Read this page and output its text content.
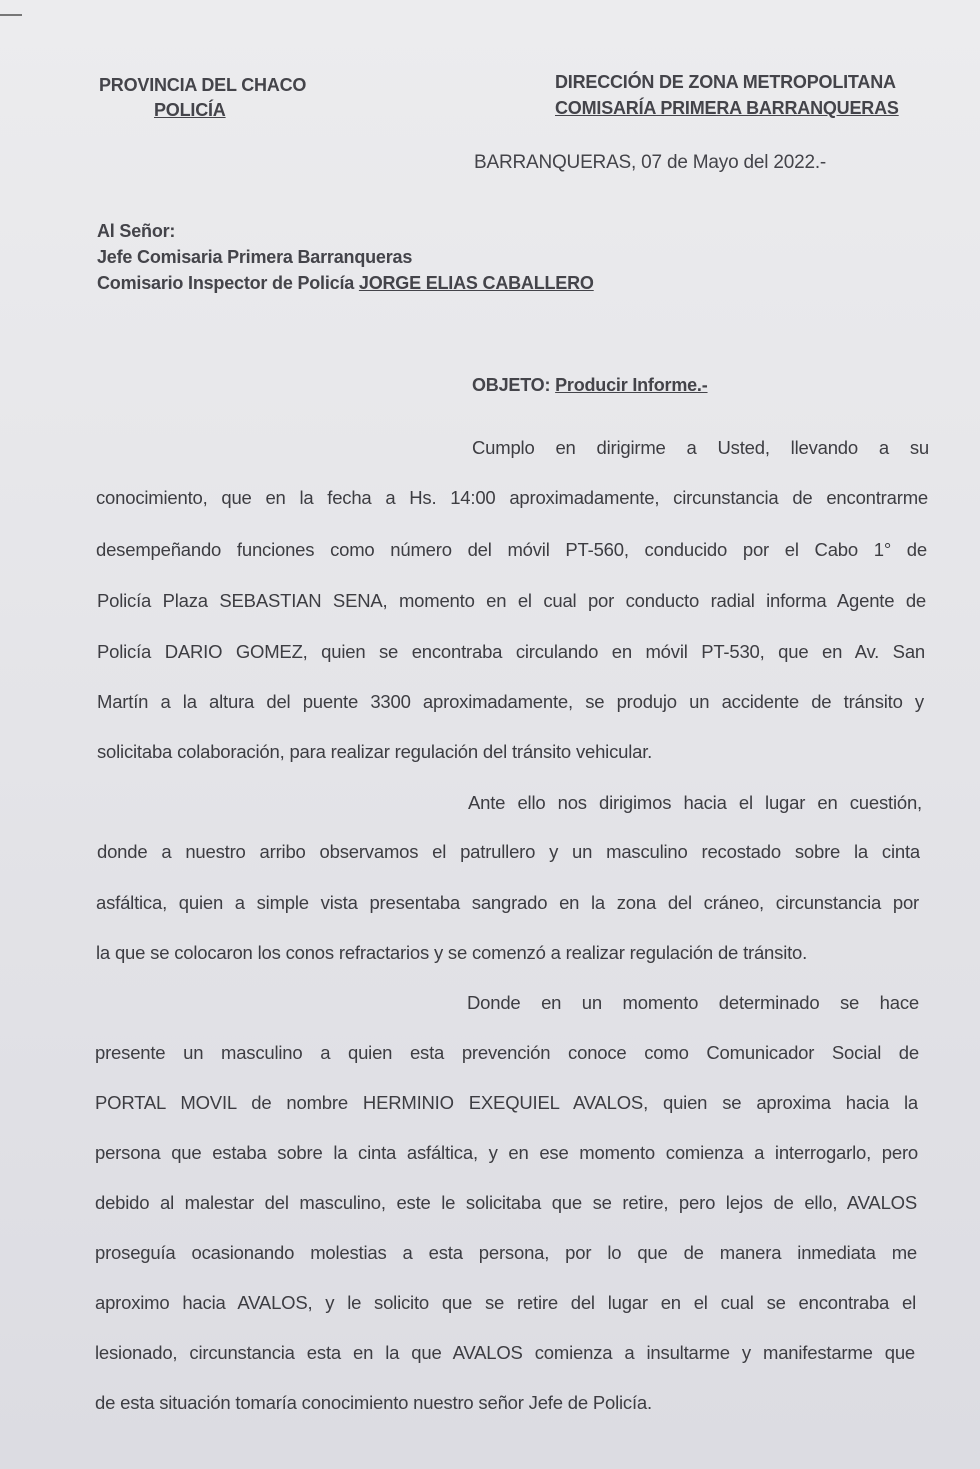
PROVINCIA DEL CHACO
POLICÍA
DIRECCIÓN DE ZONA METROPOLITANA
COMISARÍA PRIMERA BARRANQUERAS
BARRANQUERAS, 07 de Mayo del 2022.-
Al Señor:
Jefe Comisaria Primera Barranqueras
Comisario Inspector de Policía JORGE ELIAS CABALLERO
OBJETO: Producir Informe.-
Cumplo en dirigirme a Usted, llevando a su
conocimiento, que en la fecha a Hs. 14:00 aproximadamente, circunstancia de encontrarme
desempeñando funciones como número del móvil PT-560, conducido por el Cabo 1° de
Policía Plaza SEBASTIAN SENA, momento en el cual por conducto radial informa Agente de
Policía DARIO GOMEZ, quien se encontraba circulando en móvil PT-530, que en Av. San
Martín a la altura del puente 3300 aproximadamente, se produjo un accidente de tránsito y
solicitaba colaboración, para realizar regulación del tránsito vehicular.
Ante ello nos dirigimos hacia el lugar en cuestión,
donde a nuestro arribo observamos el patrullero y un masculino recostado sobre la cinta
asfáltica, quien a simple vista presentaba sangrado en la zona del cráneo, circunstancia por
la que se colocaron los conos refractarios y se comenzó a realizar regulación de tránsito.
Donde en un momento determinado se hace
presente un masculino a quien esta prevención conoce como Comunicador Social de
PORTAL MOVIL de nombre HERMINIO EXEQUIEL AVALOS, quien se aproxima hacia la
persona que estaba sobre la cinta asfáltica, y en ese momento comienza a interrogarlo, pero
debido al malestar del masculino, este le solicitaba que se retire, pero lejos de ello, AVALOS
proseguía ocasionando molestias a esta persona, por lo que de manera inmediata me
aproximo hacia AVALOS, y le solicito que se retire del lugar en el cual se encontraba el
lesionado, circunstancia esta en la que AVALOS comienza a insultarme y manifestarme que
de esta situación tomaría conocimiento nuestro señor Jefe de Policía.
